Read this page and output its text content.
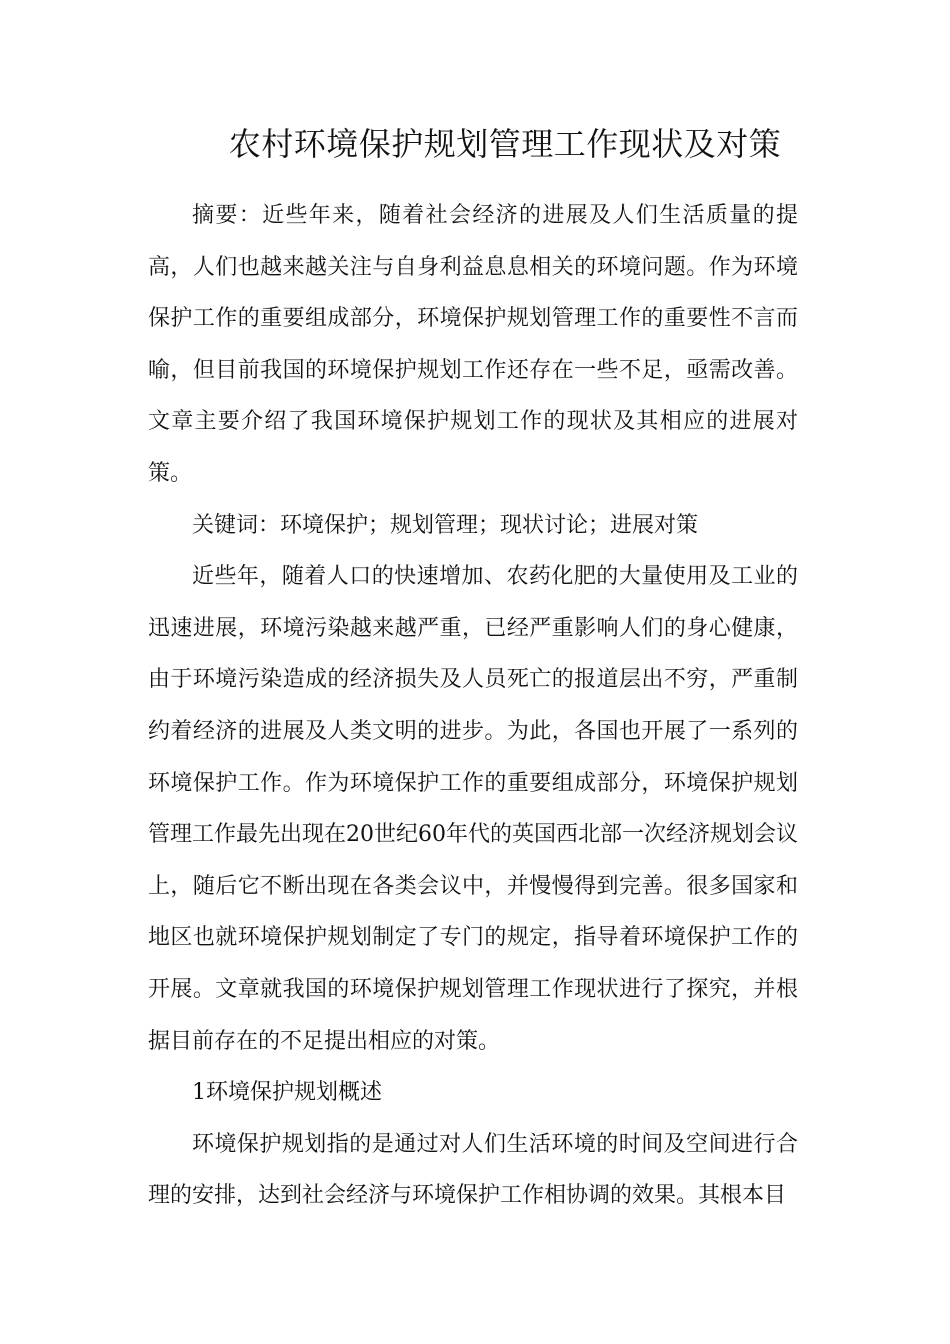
农村环境保护规划管理工作现状及对策

摘要：近些年来，随着社会经济的进展及人们生活质量的提高，人们也越来越关注与自身利益息息相关的环境问题。作为环境保护工作的重要组成部分，环境保护规划管理工作的重要性不言而喻，但目前我国的环境保护规划工作还存在一些不足，亟需改善。文章主要介绍了我国环境保护规划工作的现状及其相应的进展对策。

关键词：环境保护；规划管理；现状讨论；进展对策

近些年，随着人口的快速增加、农药化肥的大量使用及工业的迅速进展，环境污染越来越严重，已经严重影响人们的身心健康，由于环境污染造成的经济损失及人员死亡的报道层出不穷，严重制约着经济的进展及人类文明的进步。为此，各国也开展了一系列的环境保护工作。作为环境保护工作的重要组成部分，环境保护规划管理工作最先出现在20世纪60年代的英国西北部一次经济规划会议上，随后它不断出现在各类会议中，并慢慢得到完善。很多国家和地区也就环境保护规划制定了专门的规定，指导着环境保护工作的开展。文章就我国的环境保护规划管理工作现状进行了探究，并根据目前存在的不足提出相应的对策。

1环境保护规划概述

环境保护规划指的是通过对人们生活环境的时间及空间进行合理的安排，达到社会经济与环境保护工作相协调的效果。其根本目
